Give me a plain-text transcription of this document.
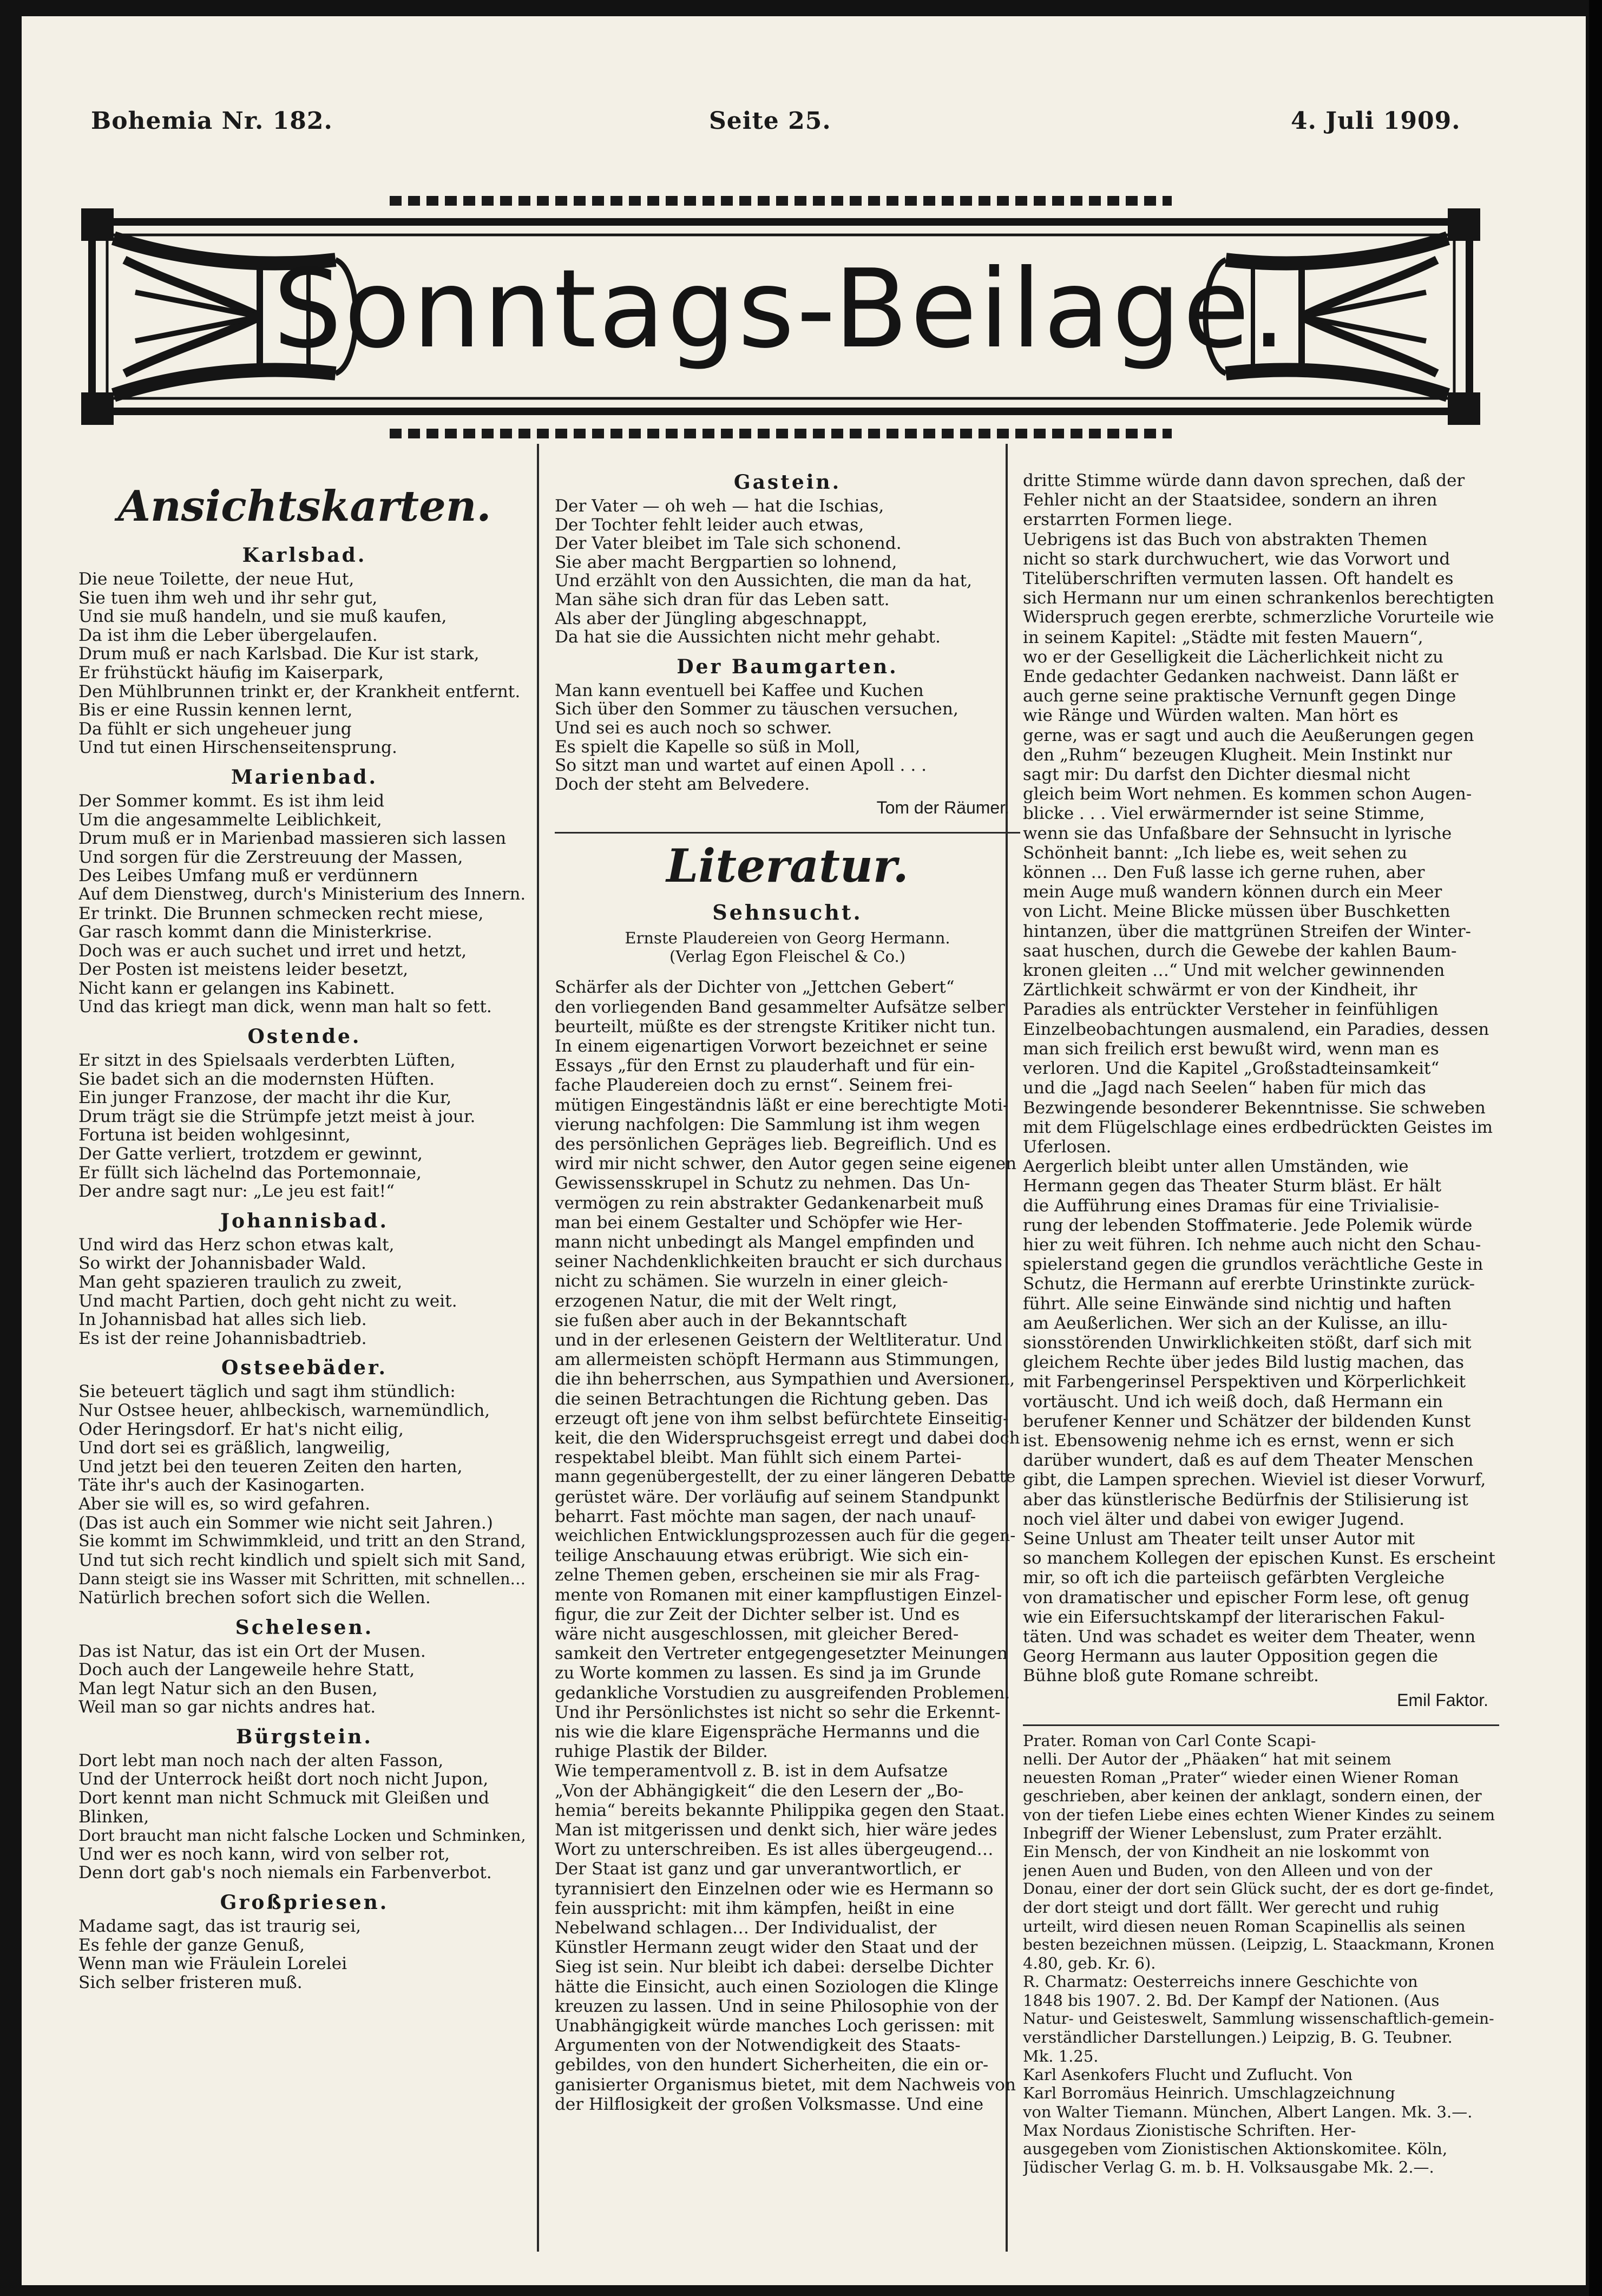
Bohemia Nr. 182.	Seite 25.	4. Juli 1909.
Sonntags-Beilage.
Ansichtskarten.
Karlsbad.
Die neue Toilette, der neue Hut,
Sie tuen ihm weh und ihr sehr gut,
Und sie muß handeln, und sie muß kaufen,
Da ist ihm die Leber übergelaufen.
Drum muß er nach Karlsbad. Die Kur ist stark,
Er frühstückt häufig im Kaiserpark,
Den Mühlbrunnen trinkt er, der Krankheit entfernt.
Bis er eine Russin kennen lernt,
Da fühlt er sich ungeheuer jung
Und tut einen Hirschenseitensprung.
Marienbad.
Der Sommer kommt. Es ist ihm leid
Um die angesammelte Leiblichkeit,
Drum muß er in Marienbad massieren sich lassen
Und sorgen für die Zerstreuung der Massen,
Des Leibes Umfang muß er verdünnern
Auf dem Dienstweg, durch's Ministerium des Innern.
Er trinkt. Die Brunnen schmecken recht miese,
Gar rasch kommt dann die Ministerkrise.
Doch was er auch suchet und irret und hetzt,
Der Posten ist meistens leider besetzt,
Nicht kann er gelangen ins Kabinett.
Und das kriegt man dick, wenn man halt so fett.
Ostende.
Er sitzt in des Spielsaals verderbten Lüften,
Sie badet sich an die modernsten Hüften.
Ein junger Franzose, der macht ihr die Kur,
Drum trägt sie die Strümpfe jetzt meist à jour.
Fortuna ist beiden wohlgesinnt,
Der Gatte verliert, trotzdem er gewinnt,
Er füllt sich lächelnd das Portemonnaie,
Der andre sagt nur: „Le jeu est fait!“
Johannisbad.
Und wird das Herz schon etwas kalt,
So wirkt der Johannisbader Wald.
Man geht spazieren traulich zu zweit,
Und macht Partien, doch geht nicht zu weit.
In Johannisbad hat alles sich lieb.
Es ist der reine Johannisbadtrieb.
Ostseebäder.
Sie beteuert täglich und sagt ihm stündlich:
Nur Ostsee heuer, ahlbeckisch, warnemündlich,
Oder Heringsdorf. Er hat's nicht eilig,
Und dort sei es gräßlich, langweilig,
Und jetzt bei den teueren Zeiten den harten,
Täte ihr's auch der Kasinogarten.
Aber sie will es, so wird gefahren.
(Das ist auch ein Sommer wie nicht seit Jahren.)
Sie kommt im Schwimmkleid, und tritt an den Strand,
Und tut sich recht kindlich und spielt sich mit Sand,
Dann steigt sie ins Wasser mit Schritten, mit schnellen…
Natürlich brechen sofort sich die Wellen.
Schelesen.
Das ist Natur, das ist ein Ort der Musen.
Doch auch der Langeweile hehre Statt,
Man legt Natur sich an den Busen,
Weil man so gar nichts andres hat.
Bürgstein.
Dort lebt man noch nach der alten Fasson,
Und der Unterrock heißt dort noch nicht Jupon,
Dort kennt man nicht Schmuck mit Gleißen und
Blinken,
Dort braucht man nicht falsche Locken und Schminken,
Und wer es noch kann, wird von selber rot,
Denn dort gab's noch niemals ein Farbenverbot.
Großpriesen.
Madame sagt, das ist traurig sei,
Es fehle der ganze Genuß,
Wenn man wie Fräulein Lorelei
Sich selber fristeren muß.
Gastein.
Der Vater — oh weh — hat die Ischias,
Der Tochter fehlt leider auch etwas,
Der Vater bleibet im Tale sich schonend.
Sie aber macht Bergpartien so lohnend,
Und erzählt von den Aussichten, die man da hat,
Man sähe sich dran für das Leben satt.
Als aber der Jüngling abgeschnappt,
Da hat sie die Aussichten nicht mehr gehabt.
Der Baumgarten.
Man kann eventuell bei Kaffee und Kuchen
Sich über den Sommer zu täuschen versuchen,
Und sei es auch noch so schwer.
Es spielt die Kapelle so süß in Moll,
So sitzt man und wartet auf einen Apoll . . .
Doch der steht am Belvedere.
Tom der Räumer.
Literatur.
Sehnsucht.
Ernste Plaudereien von Georg Hermann.
(Verlag Egon Fleischel & Co.)
Schärfer als der Dichter von „Jettchen Gebert“
den vorliegenden Band gesammelter Aufsätze selber
beurteilt, müßte es der strengste Kritiker nicht tun.
In einem eigenartigen Vorwort bezeichnet er seine
Essays „für den Ernst zu plauderhaft und für ein-
fache Plaudereien doch zu ernst“. Seinem frei-
mütigen Eingeständnis läßt er eine berechtigte Moti-
vierung nachfolgen: Die Sammlung ist ihm wegen
des persönlichen Gepräges lieb. Begreiflich. Und es
wird mir nicht schwer, den Autor gegen seine eigenen
Gewissensskrupel in Schutz zu nehmen. Das Un-
vermögen zu rein abstrakter Gedankenarbeit muß
man bei einem Gestalter und Schöpfer wie Her-
mann nicht unbedingt als Mangel empfinden und
seiner Nachdenklichkeiten braucht er sich durchaus
nicht zu schämen. Sie wurzeln in einer gleich-
erzogenen Natur, die mit der Welt ringt,
sie fußen aber auch in der Bekanntschaft
und in der erlesenen Geistern der Weltliteratur. Und
am allermeisten schöpft Hermann aus Stimmungen,
die ihn beherrschen, aus Sympathien und Aversionen,
die seinen Betrachtungen die Richtung geben. Das
erzeugt oft jene von ihm selbst befürchtete Einseitig-
keit, die den Widerspruchsgeist erregt und dabei doch
respektabel bleibt. Man fühlt sich einem Partei-
mann gegenübergestellt, der zu einer längeren Debatte
gerüstet wäre. Der vorläufig auf seinem Standpunkt
beharrt. Fast möchte man sagen, der nach unauf-
weichlichen Entwicklungsprozessen auch für die gegen-
teilige Anschauung etwas erübrigt. Wie sich ein-
zelne Themen geben, erscheinen sie mir als Frag-
mente von Romanen mit einer kampflustigen Einzel-
figur, die zur Zeit der Dichter selber ist. Und es
wäre nicht ausgeschlossen, mit gleicher Bered-
samkeit den Vertreter entgegengesetzter Meinungen
zu Worte kommen zu lassen. Es sind ja im Grunde
gedankliche Vorstudien zu ausgreifenden Problemen.
Und ihr Persönlichstes ist nicht so sehr die Erkennt-
nis wie die klare Eigenspräche Hermanns und die
ruhige Plastik der Bilder.
Wie temperamentvoll z. B. ist in dem Aufsatze
„Von der Abhängigkeit“ die den Lesern der „Bo-
hemia“ bereits bekannte Philippika gegen den Staat.
Man ist mitgerissen und denkt sich, hier wäre jedes
Wort zu unterschreiben. Es ist alles übergeugend…
Der Staat ist ganz und gar unverantwortlich, er
tyrannisiert den Einzelnen oder wie es Hermann so
fein ausspricht: mit ihm kämpfen, heißt in eine
Nebelwand schlagen… Der Individualist, der
Künstler Hermann zeugt wider den Staat und der
Sieg ist sein. Nur bleibt ich dabei: derselbe Dichter
hätte die Einsicht, auch einen Soziologen die Klinge
kreuzen zu lassen. Und in seine Philosophie von der
Unabhängigkeit würde manches Loch gerissen: mit
Argumenten von der Notwendigkeit des Staats-
gebildes, von den hundert Sicherheiten, die ein or-
ganisierter Organismus bietet, mit dem Nachweis von
der Hilflosigkeit der großen Volksmasse. Und eine
dritte Stimme würde dann davon sprechen, daß der
Fehler nicht an der Staatsidee, sondern an ihren
erstarrten Formen liege.
Uebrigens ist das Buch von abstrakten Themen
nicht so stark durchwuchert, wie das Vorwort und
Titelüberschriften vermuten lassen. Oft handelt es
sich Hermann nur um einen schrankenlos berechtigten
Widerspruch gegen ererbte, schmerzliche Vorurteile wie
in seinem Kapitel: „Städte mit festen Mauern“,
wo er der Geselligkeit die Lächerlichkeit nicht zu
Ende gedachter Gedanken nachweist. Dann läßt er
auch gerne seine praktische Vernunft gegen Dinge
wie Ränge und Würden walten. Man hört es
gerne, was er sagt und auch die Aeußerungen gegen
den „Ruhm“ bezeugen Klugheit. Mein Instinkt nur
sagt mir: Du darfst den Dichter diesmal nicht
gleich beim Wort nehmen. Es kommen schon Augen-
blicke . . . Viel erwärmernder ist seine Stimme,
wenn sie das Unfaßbare der Sehnsucht in lyrische
Schönheit bannt: „Ich liebe es, weit sehen zu
können … Den Fuß lasse ich gerne ruhen, aber
mein Auge muß wandern können durch ein Meer
von Licht. Meine Blicke müssen über Buschketten
hintanzen, über die mattgrünen Streifen der Winter-
saat huschen, durch die Gewebe der kahlen Baum-
kronen gleiten …“ Und mit welcher gewinnenden
Zärtlichkeit schwärmt er von der Kindheit, ihr
Paradies als entrückter Versteher in feinfühligen
Einzelbeobachtungen ausmalend, ein Paradies, dessen
man sich freilich erst bewußt wird, wenn man es
verloren. Und die Kapitel „Großstadteinsamkeit“
und die „Jagd nach Seelen“ haben für mich das
Bezwingende besonderer Bekenntnisse. Sie schweben
mit dem Flügelschlage eines erdbedrückten Geistes im
Uferlosen.
Aergerlich bleibt unter allen Umständen, wie
Hermann gegen das Theater Sturm bläst. Er hält
die Aufführung eines Dramas für eine Trivialisie-
rung der lebenden Stoffmaterie. Jede Polemik würde
hier zu weit führen. Ich nehme auch nicht den Schau-
spielerstand gegen die grundlos verächtliche Geste in
Schutz, die Hermann auf ererbte Urinstinkte zurück-
führt. Alle seine Einwände sind nichtig und haften
am Aeußerlichen. Wer sich an der Kulisse, an illu-
sionsstörenden Unwirklichkeiten stößt, darf sich mit
gleichem Rechte über jedes Bild lustig machen, das
mit Farbengerinsel Perspektiven und Körperlichkeit
vortäuscht. Und ich weiß doch, daß Hermann ein
berufener Kenner und Schätzer der bildenden Kunst
ist. Ebensowenig nehme ich es ernst, wenn er sich
darüber wundert, daß es auf dem Theater Menschen
gibt, die Lampen sprechen. Wieviel ist dieser Vorwurf,
aber das künstlerische Bedürfnis der Stilisierung ist
noch viel älter und dabei von ewiger Jugend.
Seine Unlust am Theater teilt unser Autor mit
so manchem Kollegen der epischen Kunst. Es erscheint
mir, so oft ich die parteiisch gefärbten Vergleiche
von dramatischer und epischer Form lese, oft genug
wie ein Eifersuchtskampf der literarischen Fakul-
täten. Und was schadet es weiter dem Theater, wenn
Georg Hermann aus lauter Opposition gegen die
Bühne bloß gute Romane schreibt.
Emil Faktor.
Prater. Roman von Carl Conte Scapi-
nelli. Der Autor der „Phäaken“ hat mit seinem
neuesten Roman „Prater“ wieder einen Wiener Roman
geschrieben, aber keinen der anklagt, sondern einen, der
von der tiefen Liebe eines echten Wiener Kindes zu seinem
Inbegriff der Wiener Lebenslust, zum Prater erzählt.
Ein Mensch, der von Kindheit an nie loskommt von
jenen Auen und Buden, von den Alleen und von der
Donau, einer der dort sein Glück sucht, der es dort ge-findet,
der dort steigt und dort fällt. Wer gerecht und ruhig
urteilt, wird diesen neuen Roman Scapinellis als seinen
besten bezeichnen müssen. (Leipzig, L. Staackmann, Kronen
4.80, geb. Kr. 6).
R. Charmatz: Oesterreichs innere Geschichte von
1848 bis 1907. 2. Bd. Der Kampf der Nationen. (Aus
Natur- und Geisteswelt, Sammlung wissenschaftlich-gemein-
verständlicher Darstellungen.) Leipzig, B. G. Teubner.
Mk. 1.25.
Karl Asenkofers Flucht und Zuflucht. Von
Karl Borromäus Heinrich. Umschlagzeichnung
von Walter Tiemann. München, Albert Langen. Mk. 3.—.
Max Nordaus Zionistische Schriften. Her-
ausgegeben vom Zionistischen Aktionskomitee. Köln,
Jüdischer Verlag G. m. b. H. Volksausgabe Mk. 2.—.
